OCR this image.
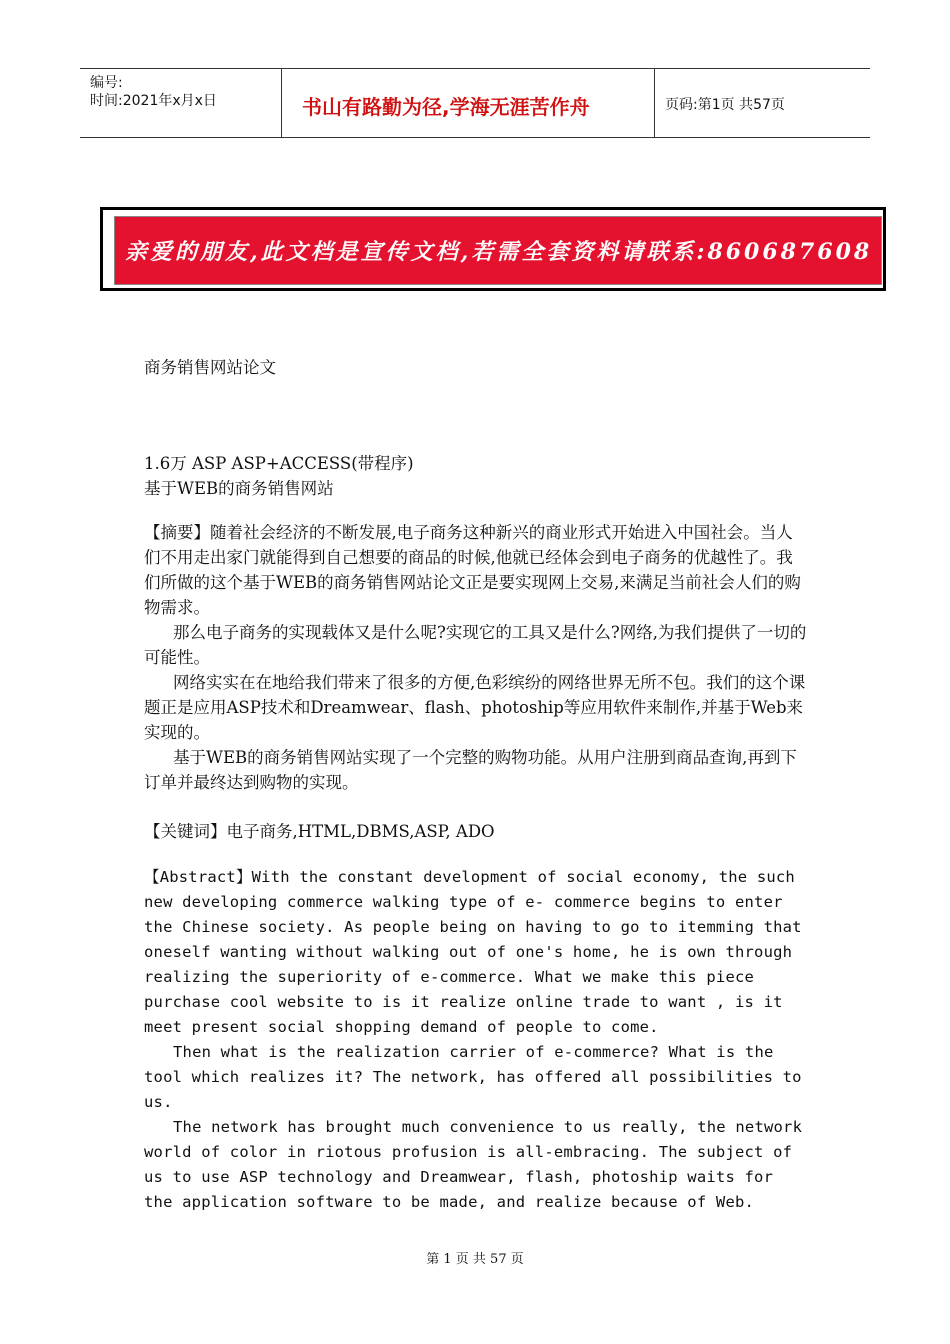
编号:
时间:2021年x月x日	书山有路勤为径,学海无涯苦作舟	页码:第1页 共57页
亲爱的朋友,此文档是宣传文档,若需全套资料请联系:860687608
商务销售网站论文
1.6万 ASP ASP+ACCESS(带程序)
基于WEB的商务销售网站

【摘要】随着社会经济的不断发展,电子商务这种新兴的商业形式开始进入中国社会。当人们不用走出家门就能得到自己想要的商品的时候,他就已经体会到电子商务的优越性了。我们所做的这个基于WEB的商务销售网站论文正是要实现网上交易,来满足当前社会人们的购物需求。

那么电子商务的实现载体又是什么呢?实现它的工具又是什么?网络,为我们提供了一切的可能性。

网络实实在在地给我们带来了很多的方便,色彩缤纷的网络世界无所不包。我们的这个课题正是应用ASP技术和Dreamwear、flash、photoship等应用软件来制作,并基于Web来实现的。

基于WEB的商务销售网站实现了一个完整的购物功能。从用户注册到商品查询,再到下订单并最终达到购物的实现。

【关键词】电子商务,HTML,DBMS,ASP, ADO

【Abstract】With the constant development of social economy, the such new developing commerce walking type of e- commerce begins to enter the Chinese society. As people being on having to go to itemming that oneself wanting without walking out of one's home, he is own through realizing the superiority of e-commerce. What we make this piece purchase cool website to is it realize online trade to want , is it meet present social shopping demand of people to come.

Then what is the realization carrier of e-commerce? What is the tool which realizes it? The network, has offered all possibilities to us.

The network has brought much convenience to us really, the network world of color in riotous profusion is all-embracing. The subject of us to use ASP technology and Dreamwear, flash, photoship waits for the application software to be made, and realize because of Web.

第 1 页 共 57 页
